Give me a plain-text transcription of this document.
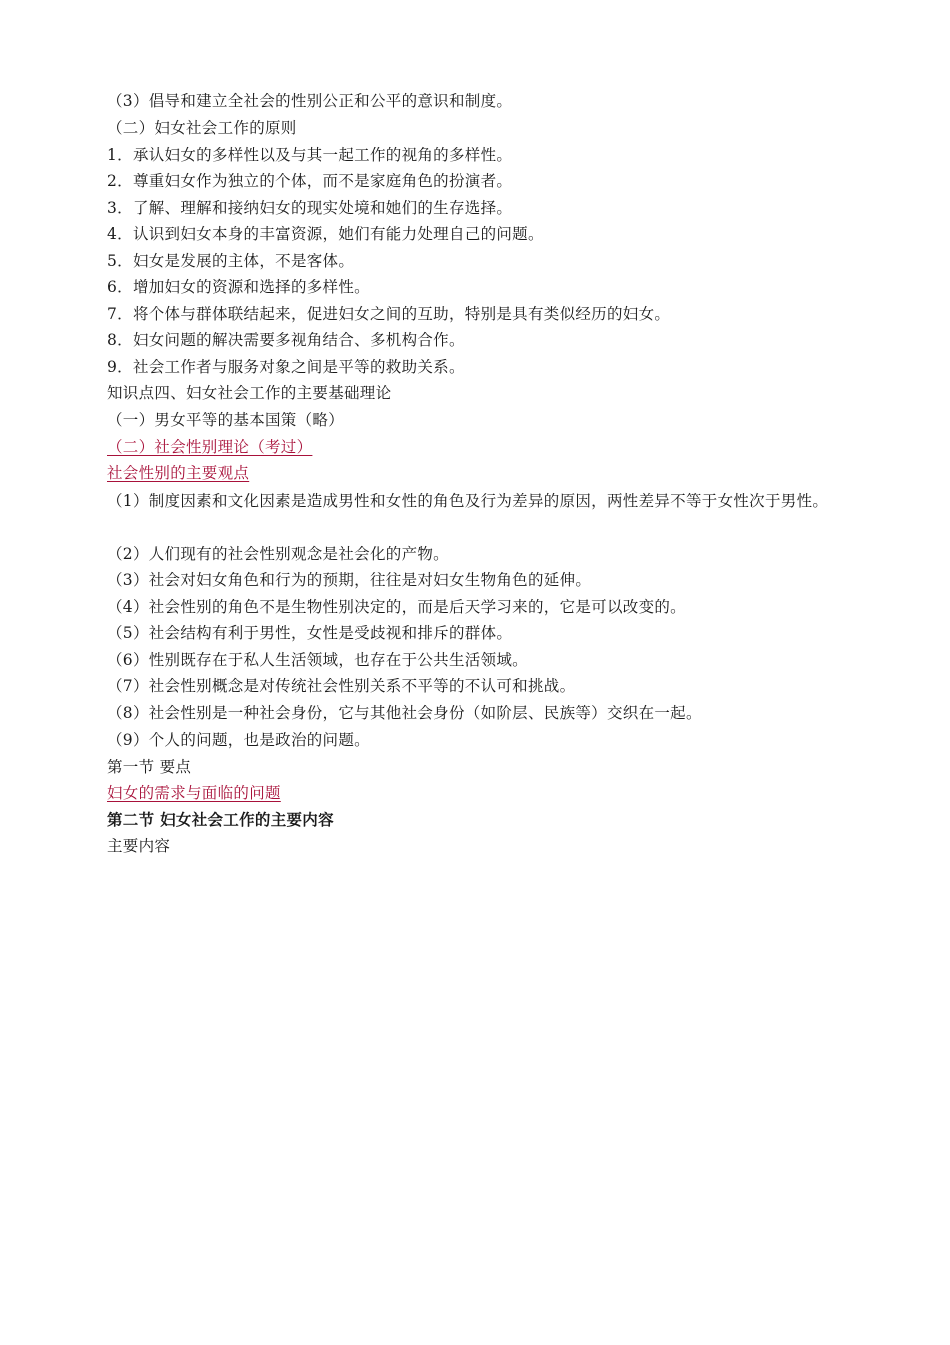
（3）倡导和建立全社会的性别公正和公平的意识和制度。
（二）妇女社会工作的原则
1．承认妇女的多样性以及与其一起工作的视角的多样性。
2．尊重妇女作为独立的个体，而不是家庭角色的扮演者。
3．了解、理解和接纳妇女的现实处境和她们的生存选择。
4．认识到妇女本身的丰富资源，她们有能力处理自己的问题。
5．妇女是发展的主体，不是客体。
6．增加妇女的资源和选择的多样性。
7．将个体与群体联结起来，促进妇女之间的互助，特别是具有类似经历的妇女。
8．妇女问题的解决需要多视角结合、多机构合作。
9．社会工作者与服务对象之间是平等的救助关系。
知识点四、妇女社会工作的主要基础理论
（一）男女平等的基本国策（略）
（二）社会性别理论（考过）
社会性别的主要观点
（1）制度因素和文化因素是造成男性和女性的角色及行为差异的原因，两性差异不等于女性次于男性。
（2）人们现有的社会性别观念是社会化的产物。
（3）社会对妇女角色和行为的预期，往往是对妇女生物角色的延伸。
（4）社会性别的角色不是生物性别决定的，而是后天学习来的，它是可以改变的。
（5）社会结构有利于男性，女性是受歧视和排斥的群体。
（6）性别既存在于私人生活领域，也存在于公共生活领域。
（7）社会性别概念是对传统社会性别关系不平等的不认可和挑战。
（8）社会性别是一种社会身份，它与其他社会身份（如阶层、民族等）交织在一起。
（9）个人的问题，也是政治的问题。
第一节 要点
妇女的需求与面临的问题
第二节 妇女社会工作的主要内容
主要内容
